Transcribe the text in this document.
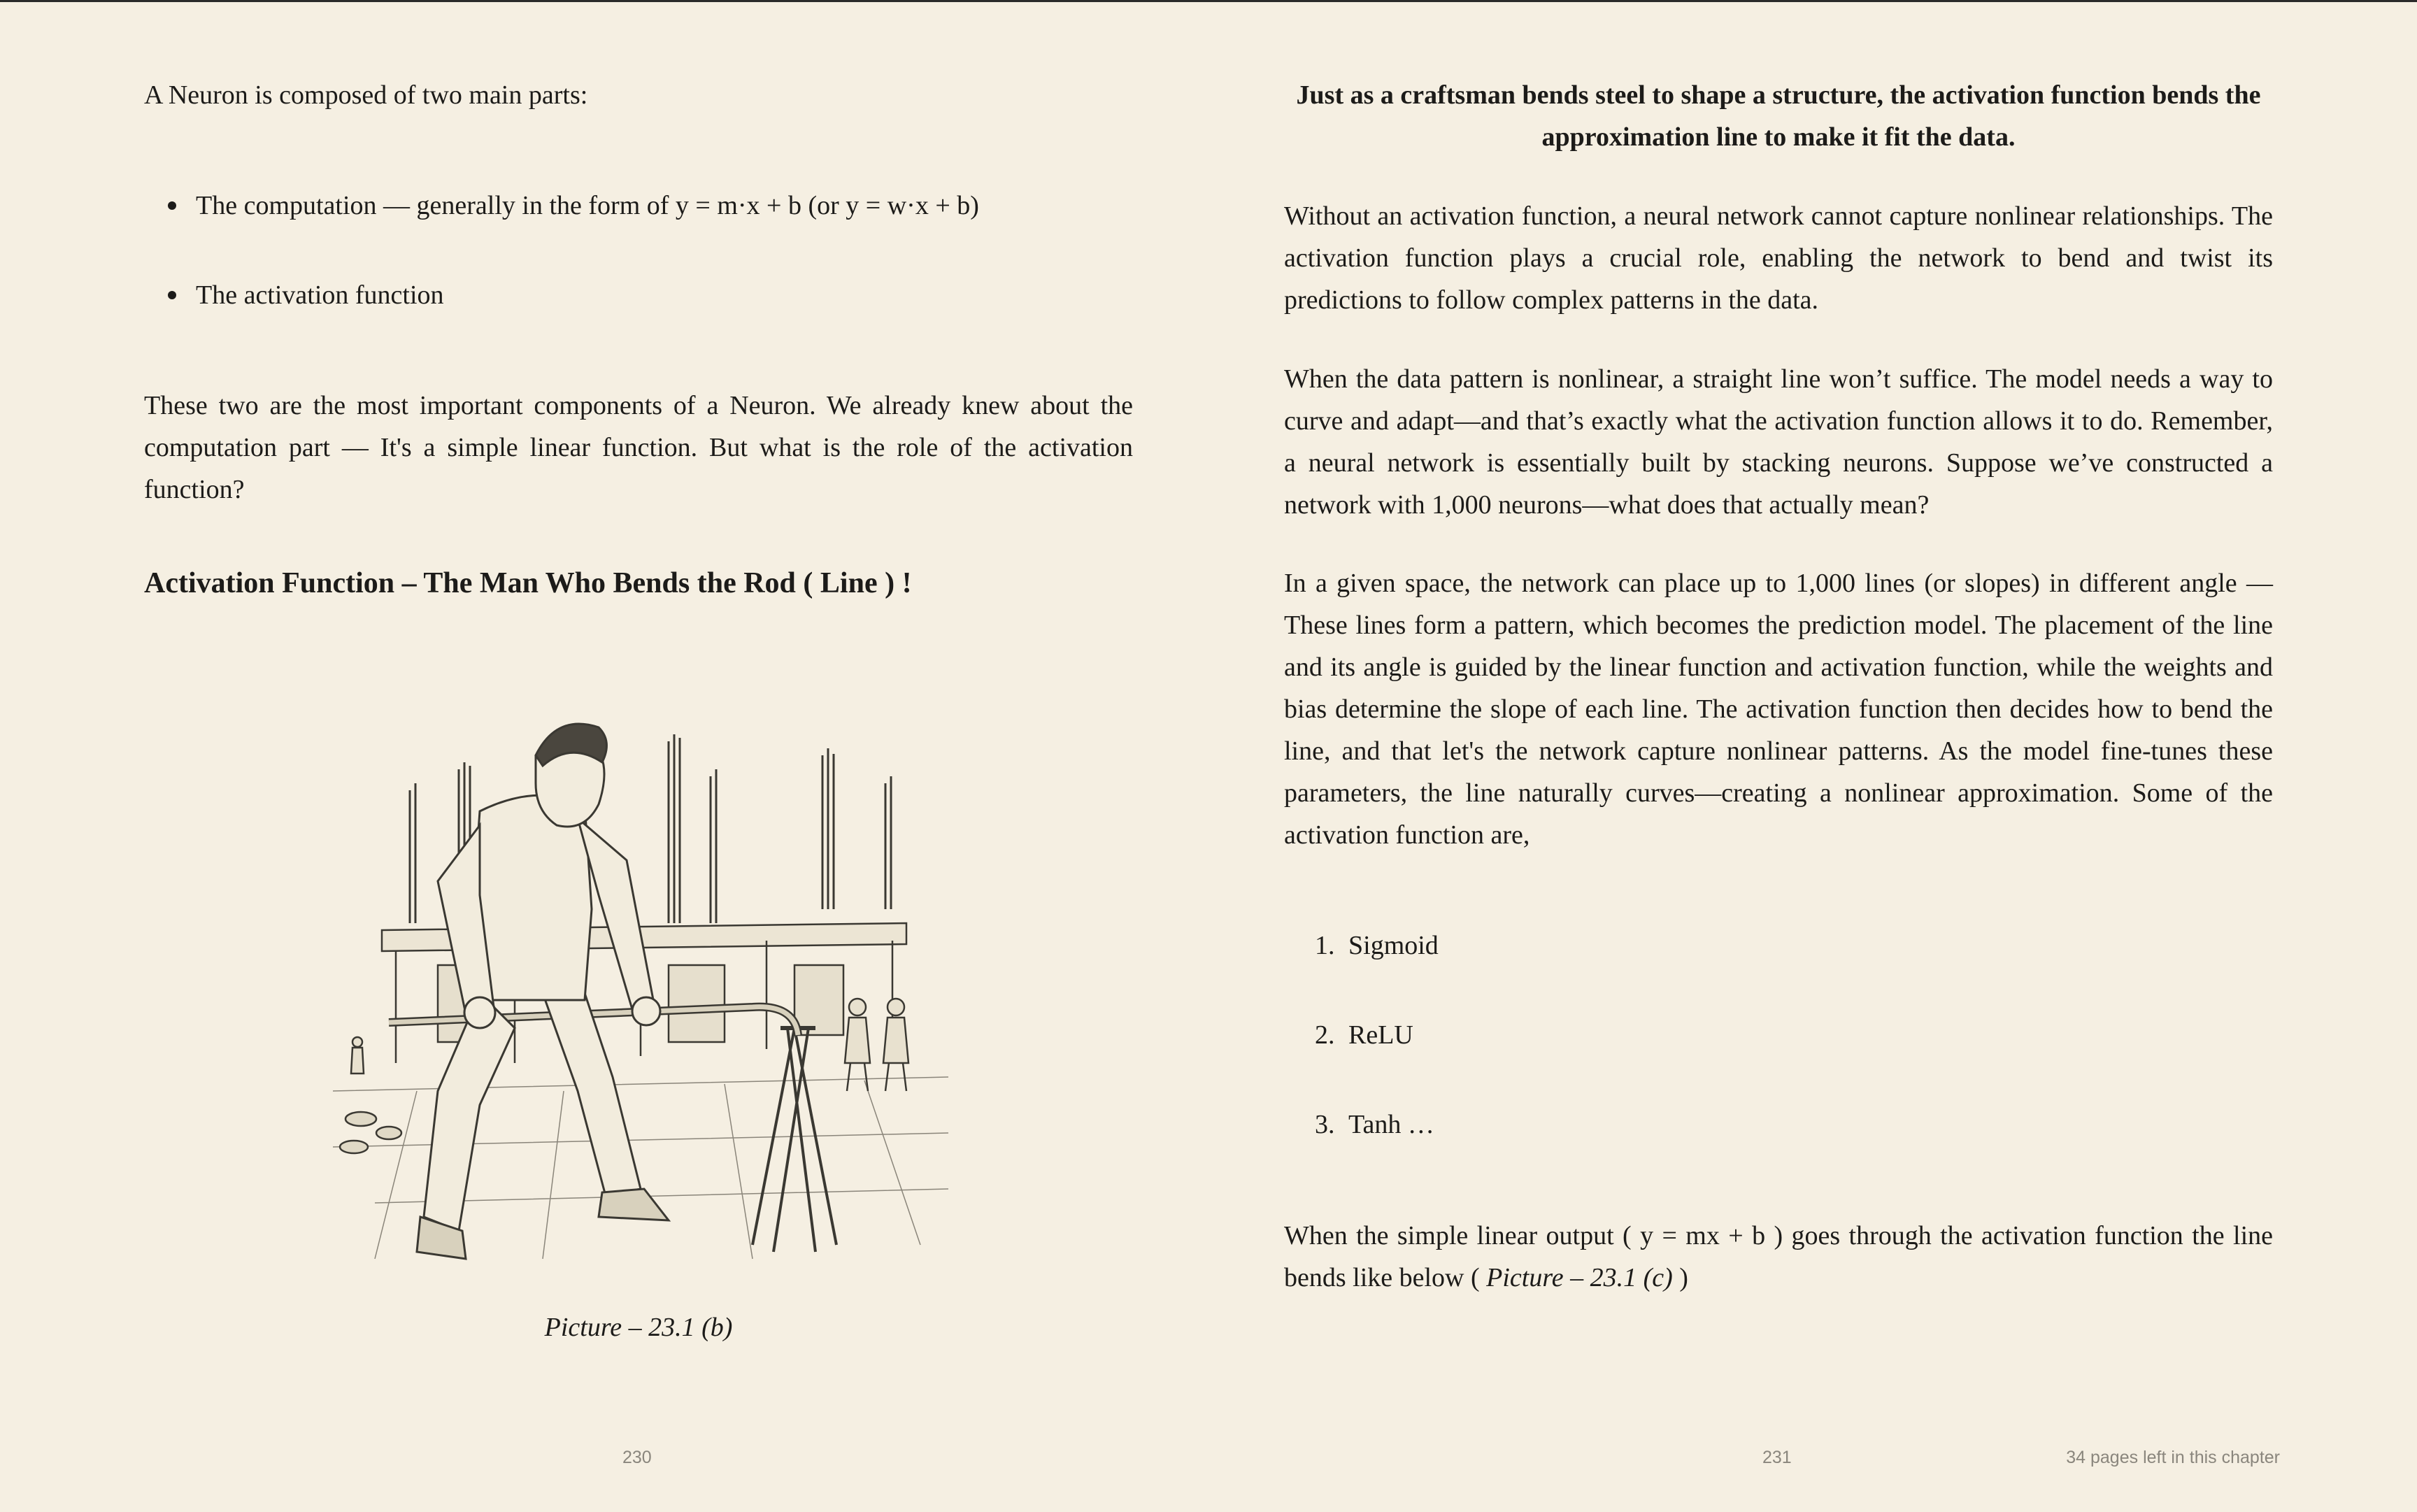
A Neuron is composed of two main parts:

The computation — generally in the form of y = m·x + b (or y = w·x + b)
The activation function

These two are the most important components of a Neuron. We already knew about the computation part — It's a simple linear function. But what is the role of the activation function?

Activation Function – The Man Who Bends the Rod ( Line ) !

Picture – 23.1 (b)

230

Just as a craftsman bends steel to shape a structure, the activation function bends the approximation line to make it fit the data.

Without an activation function, a neural network cannot capture nonlinear relationships. The activation function plays a crucial role, enabling the network to bend and twist its predictions to follow complex patterns in the data.

When the data pattern is nonlinear, a straight line won’t suffice. The model needs a way to curve and adapt—and that’s exactly what the activation function allows it to do. Remember, a neural network is essentially built by stacking neurons. Suppose we’ve constructed a network with 1,000 neurons—what does that actually mean?

In a given space, the network can place up to 1,000 lines (or slopes) in different angle — These lines form a pattern, which becomes the prediction model. The placement of the line and its angle is guided by the linear function and activation function, while the weights and bias determine the slope of each line. The activation function then decides how to bend the line, and that let's the network capture nonlinear patterns. As the model fine-tunes these parameters, the line naturally curves—creating a nonlinear approximation. Some of the activation function are,

1. Sigmoid
2. ReLU
3. Tanh …

When the simple linear output ( y = mx + b ) goes through the activation function the line bends like below ( Picture – 23.1 (c) )

231	34 pages left in this chapter
